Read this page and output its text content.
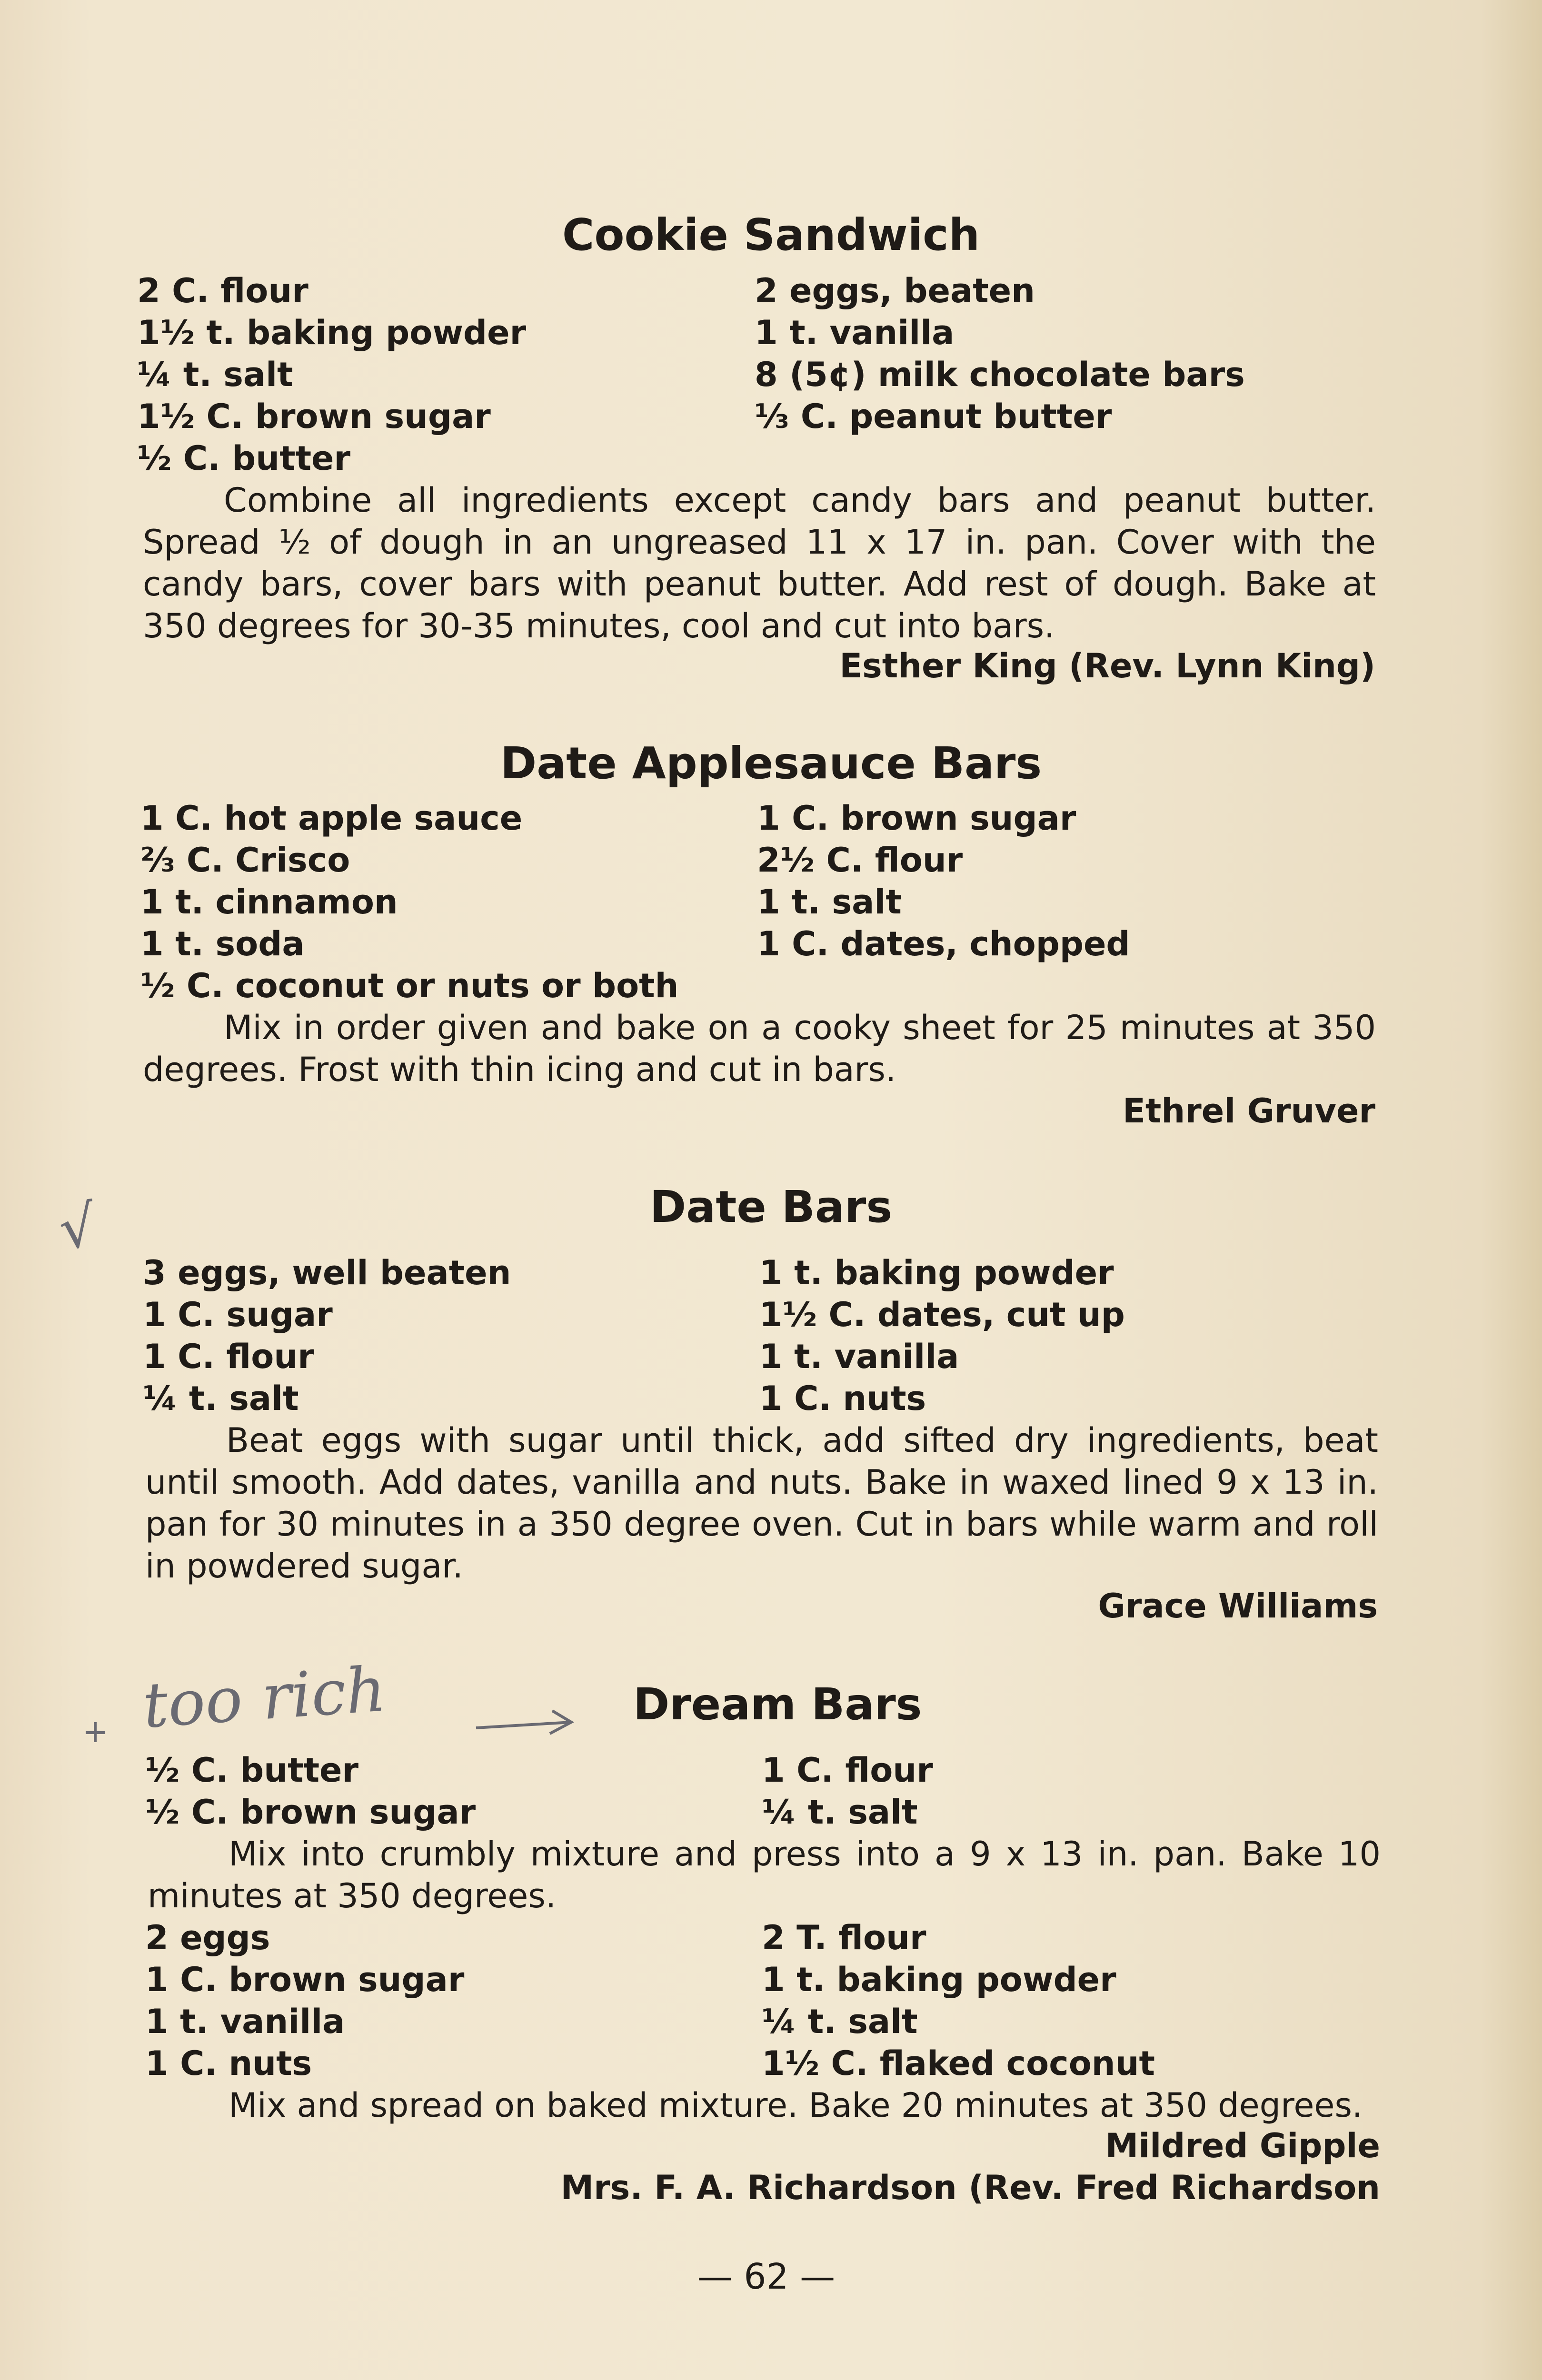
Cookie Sandwich
2 C. flour
1½ t. baking powder
¼ t. salt
1½ C. brown sugar
½ C. butter
2 eggs, beaten
1 t. vanilla
8 (5¢) milk chocolate bars
⅓ C. peanut butter
Combine all ingredients except candy bars and peanut butter. Spread ½ of dough in an ungreased 11 x 17 in. pan. Cover with the candy bars, cover bars with peanut butter. Add rest of dough. Bake at 350 degrees for 30-35 minutes, cool and cut into bars.
Esther King (Rev. Lynn King)
Date Applesauce Bars
1 C. hot apple sauce
⅔ C. Crisco
1 t. cinnamon
1 t. soda
½ C. coconut or nuts or both
1 C. brown sugar
2½ C. flour
1 t. salt
1 C. dates, chopped
Mix in order given and bake on a cooky sheet for 25 minutes at 350 degrees. Frost with thin icing and cut in bars.
Ethrel Gruver
√	Date Bars
3 eggs, well beaten
1 C. sugar
1 C. flour
¼ t. salt
1 t. baking powder
1½ C. dates, cut up
1 t. vanilla
1 C. nuts
Beat eggs with sugar until thick, add sifted dry ingredients, beat until smooth. Add dates, vanilla and nuts. Bake in waxed lined 9 x 13 in. pan for 30 minutes in a 350 degree oven. Cut in bars while warm and roll in powdered sugar.
Grace Williams
too rich	Dream Bars
½ C. butter
½ C. brown sugar
1 C. flour
¼ t. salt
Mix into crumbly mixture and press into a 9 x 13 in. pan. Bake 10 minutes at 350 degrees.
2 eggs
1 C. brown sugar
1 t. vanilla
1 C. nuts
2 T. flour
1 t. baking powder
¼ t. salt
1½ C. flaked coconut
Mix and spread on baked mixture. Bake 20 minutes at 350 degrees.
Mildred Gipple
Mrs. F. A. Richardson (Rev. Fred Richardson
— 62 —
